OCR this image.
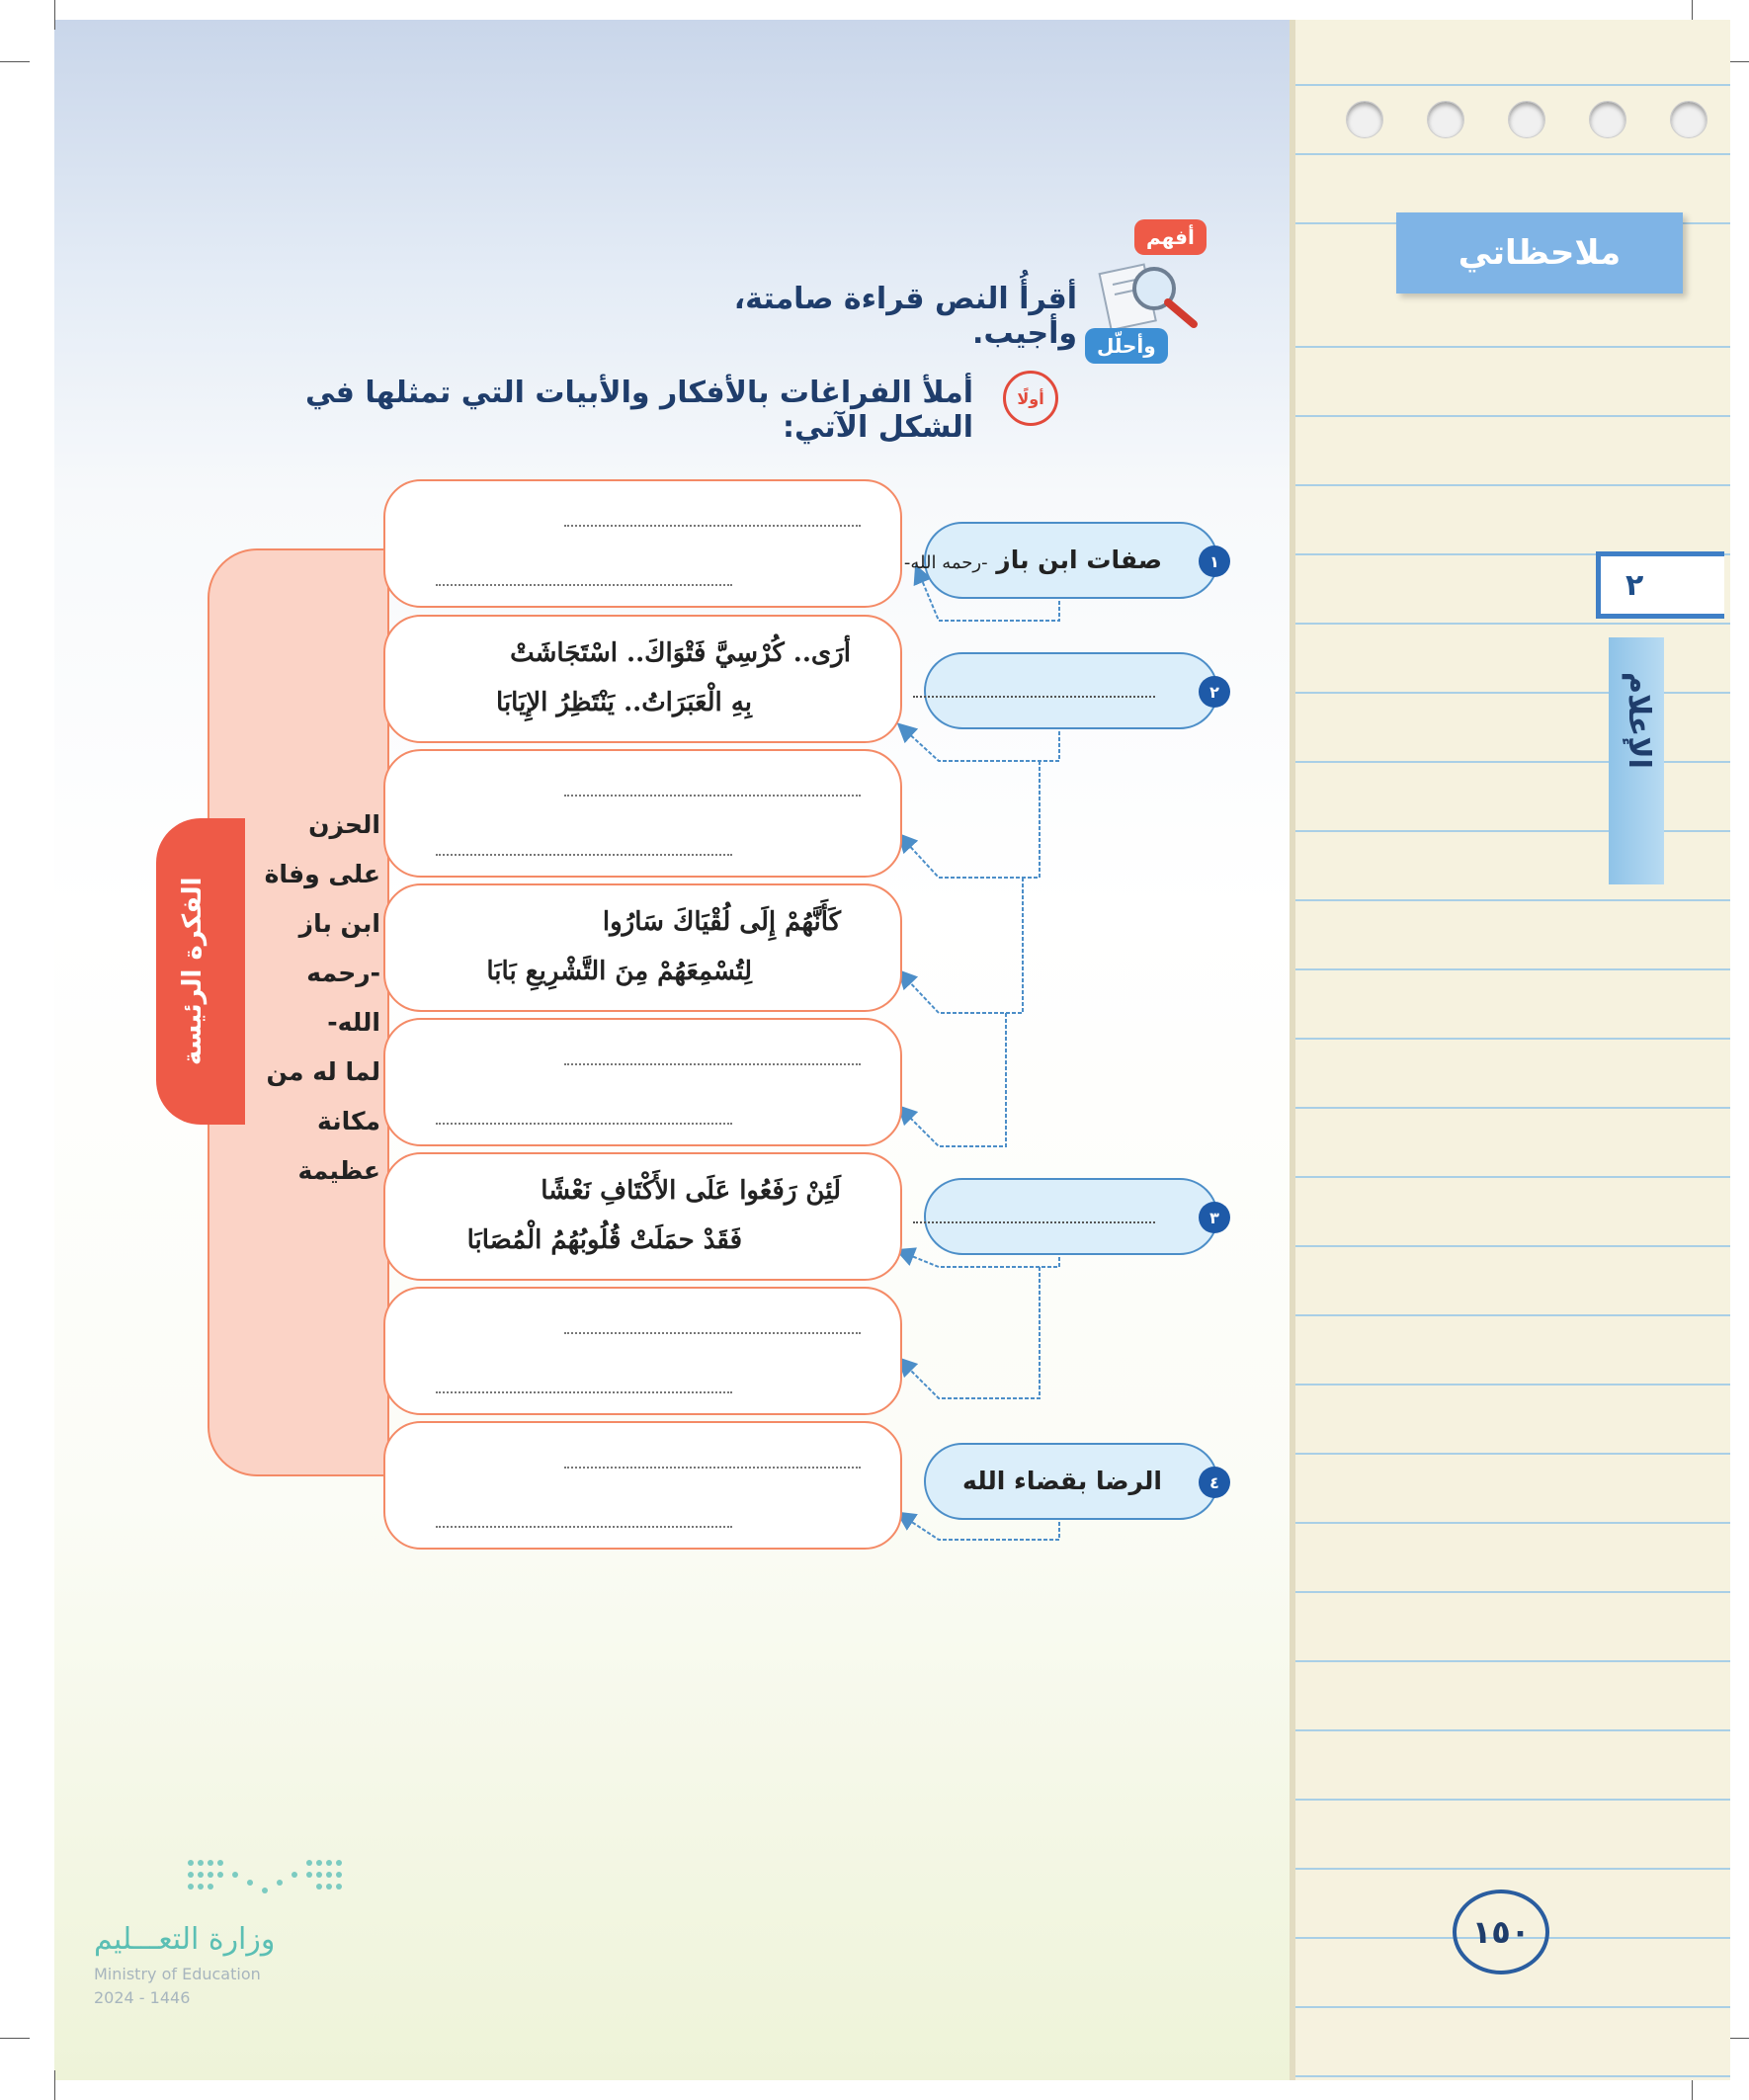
ملاحظاتي
٢
الإعلام
١٥٠
أفهم
وأحلّل
أقرأُ النص قراءة صامتة، وأجيب.
أولًا
أملأ الفراغات بالأفكار والأبيات التي تمثلها في الشكل الآتي:
الفكرة الرئيسة
الحزن
على وفاة
ابن باز
-رحمه الله-
لما له من
مكانة
عظيمة
أرَى.. كُرْسِيَّ فَتْوَاكَ.. اسْتَجَاشَتْ
بِهِ الْعَبَرَاتُ.. يَنْتَظِرُ الإِيَابَا
كَأَنَّهُمْ إِلَى لُقْيَاكَ سَارُوا
لِتُسْمِعَهُمْ مِنَ التَّشْرِيعِ بَابَا
لَئِنْ رَفَعُوا عَلَى الأَكْتَافِ نَعْشًا
فَقَدْ حمَلَتْ قُلُوبُهُمُ الْمُصَابَا
صفات ابن باز -رحمه الله-	١
٢
٣
الرضا بقضاء الله	٤
وزارة التعـــليم
Ministry of Education
2024 - 1446
